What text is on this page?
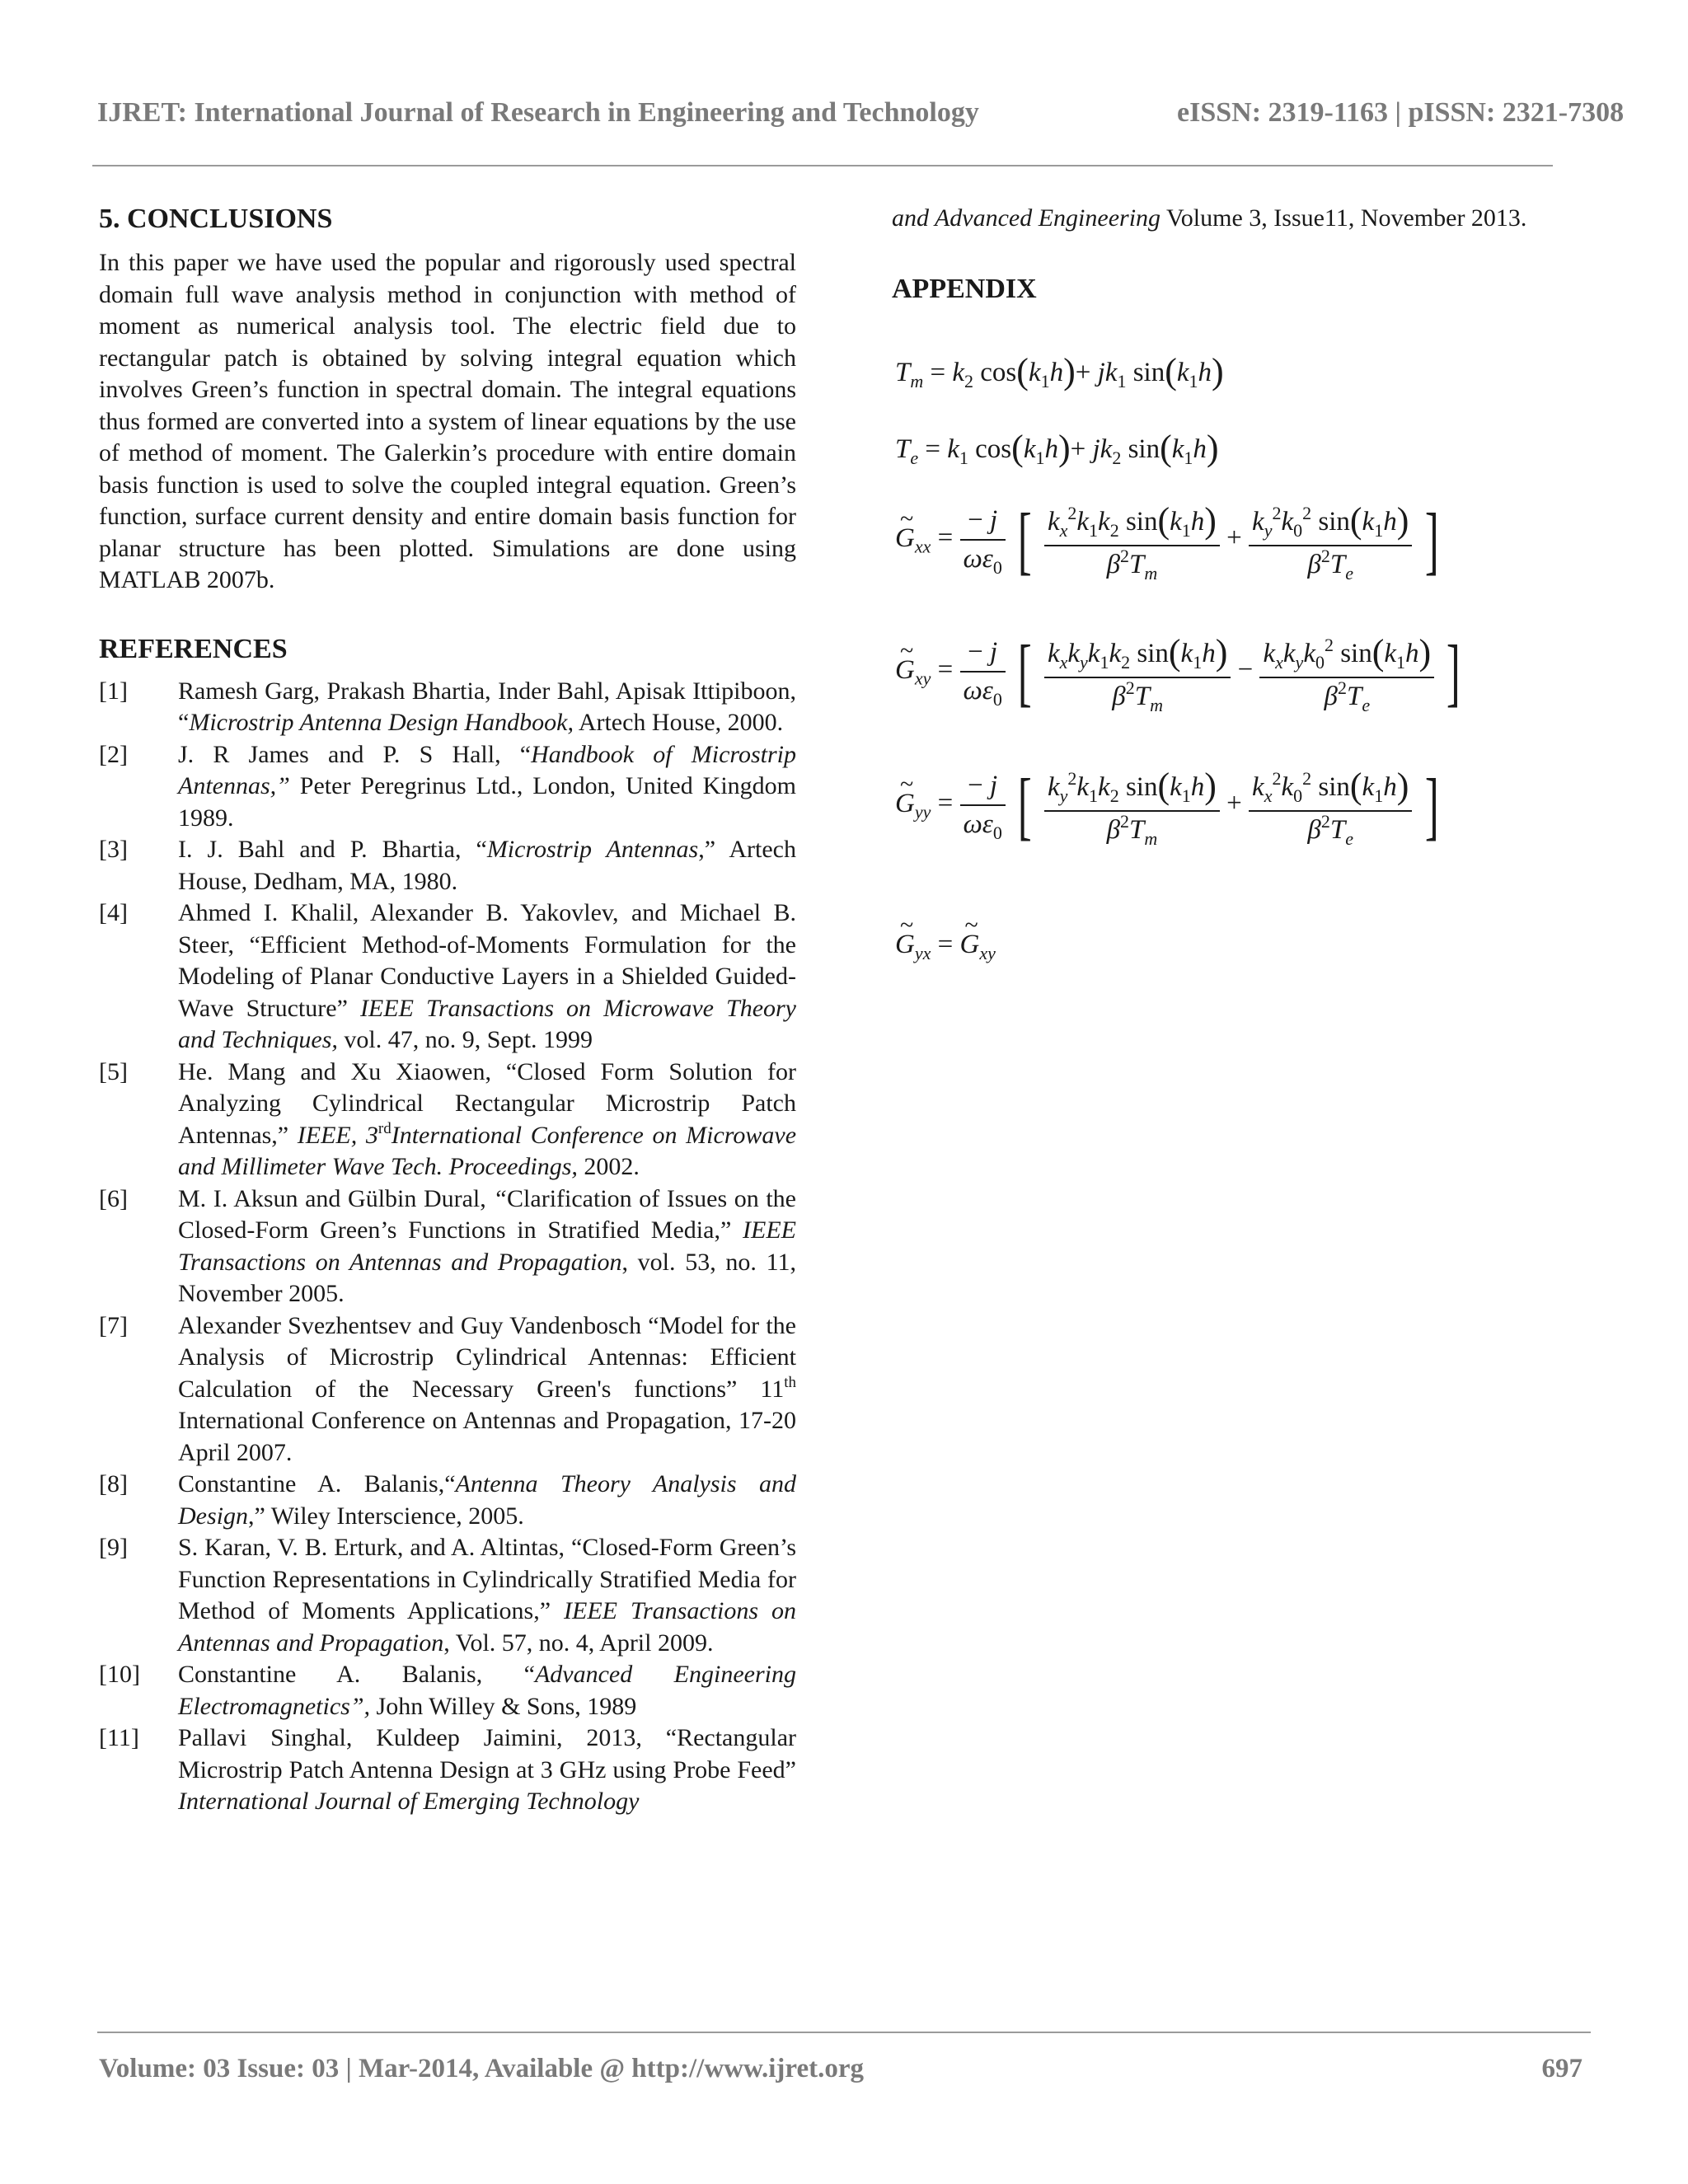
IJRET: International Journal of Research in Engineering and Technology	eISSN: 2319-1163 | pISSN: 2321-7308
5. CONCLUSIONS

In this paper we have used the popular and rigorously used spectral domain full wave analysis method in conjunction with method of moment as numerical analysis tool. The electric field due to rectangular patch is obtained by solving integral equation which involves Green’s function in spectral domain. The integral equations thus formed are converted into a system of linear equations by the use of method of moment. The Galerkin’s procedure with entire domain basis function is used to solve the coupled integral equation. Green’s function, surface current density and entire domain basis function for planar structure has been plotted. Simulations are done using MATLAB 2007b.

REFERENCES
[1] Ramesh Garg, Prakash Bhartia, Inder Bahl, Apisak Ittipiboon, “Microstrip Antenna Design Handbook, Artech House, 2000.
[2] J. R James and P. S Hall, “Handbook of Microstrip Antennas,” Peter Peregrinus Ltd., London, United Kingdom 1989.
[3] I. J. Bahl and P. Bhartia, “Microstrip Antennas,” Artech House, Dedham, MA, 1980.
[4] Ahmed I. Khalil, Alexander B. Yakovlev, and Michael B. Steer, “Efficient Method-of-Moments Formulation for the Modeling of Planar Conductive Layers in a Shielded Guided-Wave Structure” IEEE Transactions on Microwave Theory and Techniques, vol. 47, no. 9, Sept. 1999
[5] He. Mang and Xu Xiaowen, “Closed Form Solution for Analyzing Cylindrical Rectangular Microstrip Patch Antennas,” IEEE, 3rdInternational Conference on Microwave and Millimeter Wave Tech. Proceedings, 2002.
[6] M. I. Aksun and Gülbin Dural, “Clarification of Issues on the Closed-Form Green’s Functions in Stratified Media,” IEEE Transactions on Antennas and Propagation, vol. 53, no. 11, November 2005.
[7] Alexander Svezhentsev and Guy Vandenbosch “Model for the Analysis of Microstrip Cylindrical Antennas: Efficient Calculation of the Necessary Green's functions” 11th International Conference on Antennas and Propagation, 17-20 April 2007.
[8] Constantine A. Balanis,“Antenna Theory Analysis and Design,” Wiley Interscience, 2005.
[9] S. Karan, V. B. Erturk, and A. Altintas, “Closed-Form Green’s Function Representations in Cylindrically Stratified Media for Method of Moments Applications,” IEEE Transactions on Antennas and Propagation, Vol. 57, no. 4, April 2009.
[10] Constantine A. Balanis, “Advanced Engineering Electromagnetics”, John Willey & Sons, 1989
[11] Pallavi Singhal, Kuldeep Jaimini, 2013, “Rectangular Microstrip Patch Antenna Design at 3 GHz using Probe Feed” International Journal of Emerging Technology

and Advanced Engineering Volume 3, Issue11, November 2013.

APPENDIX
$T_m = k_2$ $\cos(k_1h)+ jk_1$ $\sin(k_1h)$
$T_e = k_1$ $\cos(k_1h)+ jk_2$ $\sin(k_1h)$
~ $G_{xx} = \frac{- j}{\omega\varepsilon_0}$ [ $\frac{k_x^2k_1k_2 \sin(k_1h)}{\beta^2T_m} + \frac{k_y^2k_0^2 \sin(k_1h)}{\beta^2T_e}$ ]
~ $G_{xy} = \frac{- j}{\omega\varepsilon_0}$ [ $\frac{k_xk_yk_1k_2 \sin(k_1h)}{\beta^2T_m} - \frac{k_xk_yk_0^2 \sin(k_1h)}{\beta^2T_e}$ ]
~ $G_{yy} = \frac{- j}{\omega\varepsilon_0}$ [ $\frac{k_y^2k_1k_2 \sin(k_1h)}{\beta^2T_m} + \frac{k_x^2k_0^2 \sin(k_1h)}{\beta^2T_e}$ ]
~ $G_{yx}$ = ~ $G_{xy}$
Volume: 03 Issue: 03 | Mar-2014, Available @ http://www.ijret.org	697
